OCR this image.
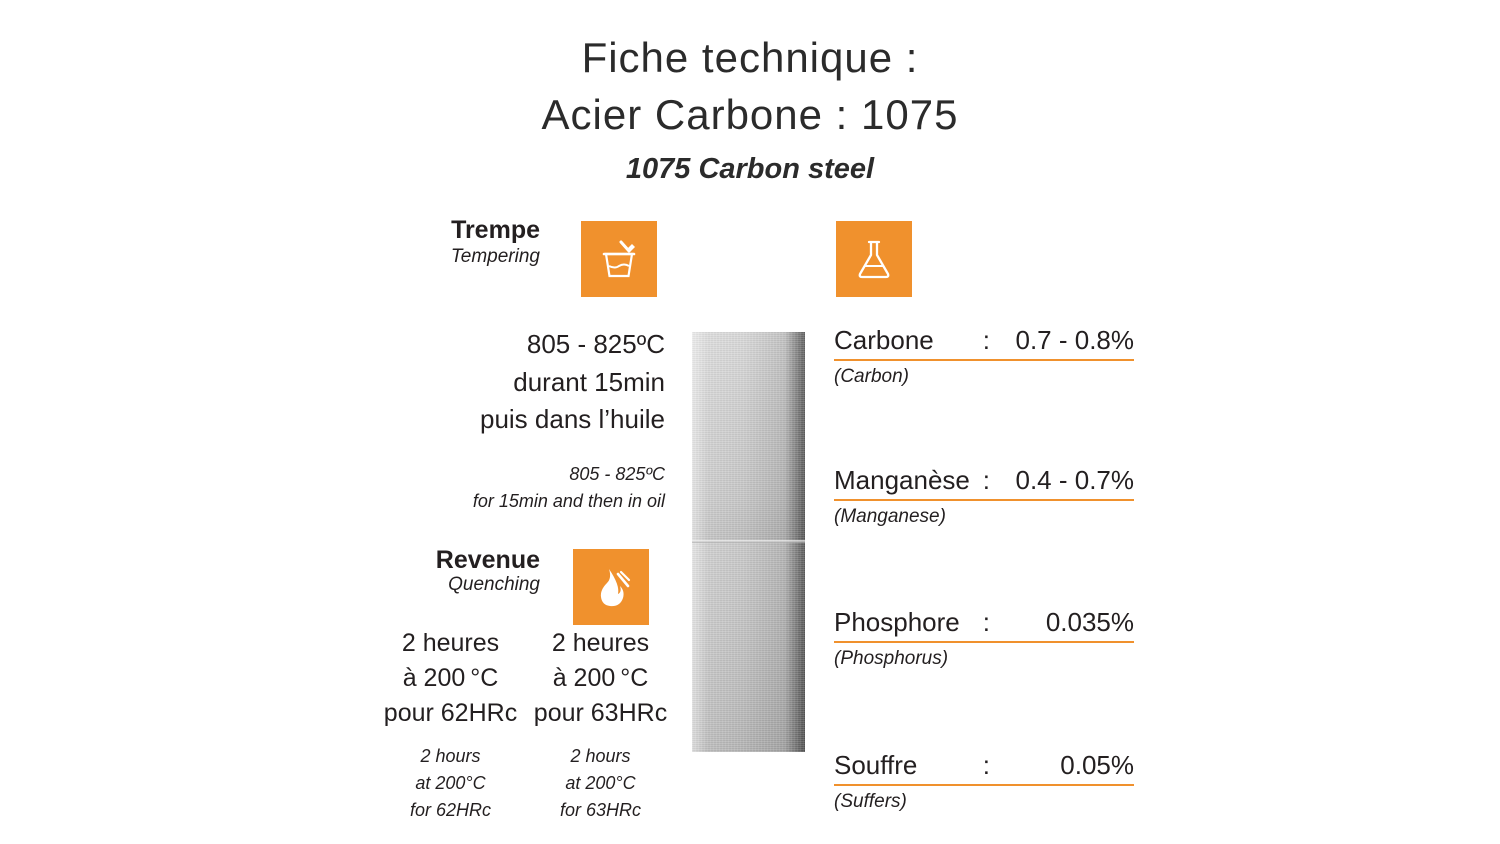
Fiche technique :
Acier Carbone : 1075
1075 Carbon steel
Trempe
Tempering
805 - 825ºC
durant 15min
puis dans l’huile
805 - 825ºC
for 15min and then in oil
Revenue
Quenching
2 heures
à 200 °C
pour 62HRc
2 hours
at 200°C
for 62HRc
2 heures
à 200 °C
pour 63HRc
2 hours
at 200°C
for 63HRc
Carbone : 0.7 - 0.8%
(Carbon)
Manganèse : 0.4 - 0.7%
(Manganese)
Phosphore :	0.035%
(Phosphorus)
Souffre	:	0.05%
(Suffers)
